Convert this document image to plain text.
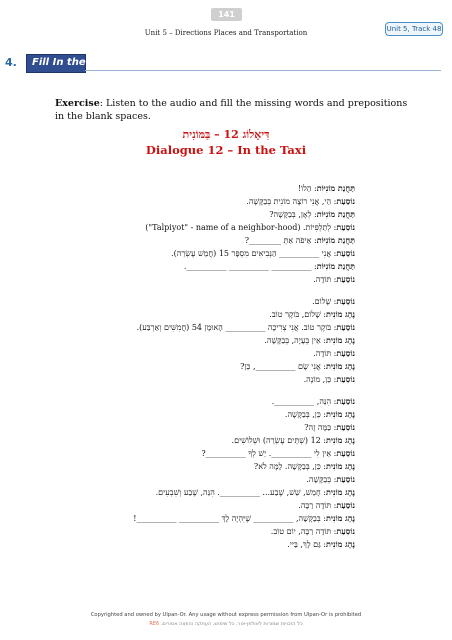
141
Unit 5 – Directions Places and Transportation	Unit 5, Track 48
4. Fill In the ____
Exercise: Listen to the audio and fill the missing words and prepositions in the blank spaces.
דִּיאָלוֹג 12 – בַּמּוֹנִית
Dialogue 12 – In the Taxi
תַּחֲנַת מוֹנִיּוֹת: הַלוֹ!
נוֹסַעַת: הַי, אֲנִי רוֹצָה מוֹנִית בְּבַקָּשָׁה.
תַּחֲנַת מוֹנִיּוֹת: לְאָן, בְּבַקָּשָׁה?
נוֹסַעַת: לְתַלְפִּיּוֹת. ("Talpiyot" - name of a neighbor-hood)
תַּחֲנַת מוֹנִיּוֹת: אֵיפֹה אַתְּ ________?
נוֹסַעַת: אֲנִי __________ הַנְּבִיאִים מִסְפָּר 15 (חֲמֵשׁ עֶשְׂרֵה).
תַּחֲנַת מוֹנִיּוֹת: __________ __________ __________.
נוֹסַעַת: תּוֹדָה.
נוֹסַעַת: שָׁלוֹם.
נֶהָג מוֹנִית: שָׁלוֹם, בֹּוקֶר טוֹב.
נוֹסַעַת: בֹּוקֶר טוֹב. אֲנִי צְרִיכָה __________ הָאוּמָן 54 (חֲמִשִּׁים וְאַרְבַּע).
נֶהָג מוֹנִית: אֵין בְּעָיָה, בְּבַקָּשָׁה.
נוֹסַעַת: תּוֹדָה.
נֶהָג מוֹנִית: אֲנִי שָׂם __________, כֵּן?
נוֹסַעַת: כֵּן, מוֹנֶה.
נוֹסַעַת: הִנֵּה, __________.
נֶהָג מוֹנִית: כֵּן, בְּבַקָּשָׁה.
נוֹסַעַת: כַּמָּה זֶה?
נֶהָג מוֹנִית: 12 (שְׁתֵּים עֶשְׂרֵה) וּשְׁלוֹשִׁים.
נוֹסַעַת: אֵין לִי __________. יֵשׁ לְךָ __________?
נֶהָג מוֹנִית: כֵּן, בְּבַקָּשָׁה. לָמָּה לֹא?
נוֹסַעַת: בְּבַקָּשָׁה.
נֶהָג מוֹנִית: חָמֵשׁ, שֵׁשׁ, שֶׁבַע... __________. הִנֵּה, שֶׁבַע וְשִׁבְעִים.
נוֹסַעַת: תּוֹדָה רַבָּה.
נֶהָג מוֹנִית: בְּבַקָּשָׁה, __________ שֶׁיִּהְיֶה לָךְ __________ __________!
נוֹסַעַת: תּוֹדָה רַבָּה, יוֹם טוֹב.
נֶהָג מוֹנִית: גַּם לָךְ, בַּיי.
Copyrighted and owned by Ulpan-Or. Any usage without express permission from Ulpan-Or is prohibited
כל הזכויות שמורות לאולפן-אור. כל שימוש, העתקה והפצה אסורים. RE6
